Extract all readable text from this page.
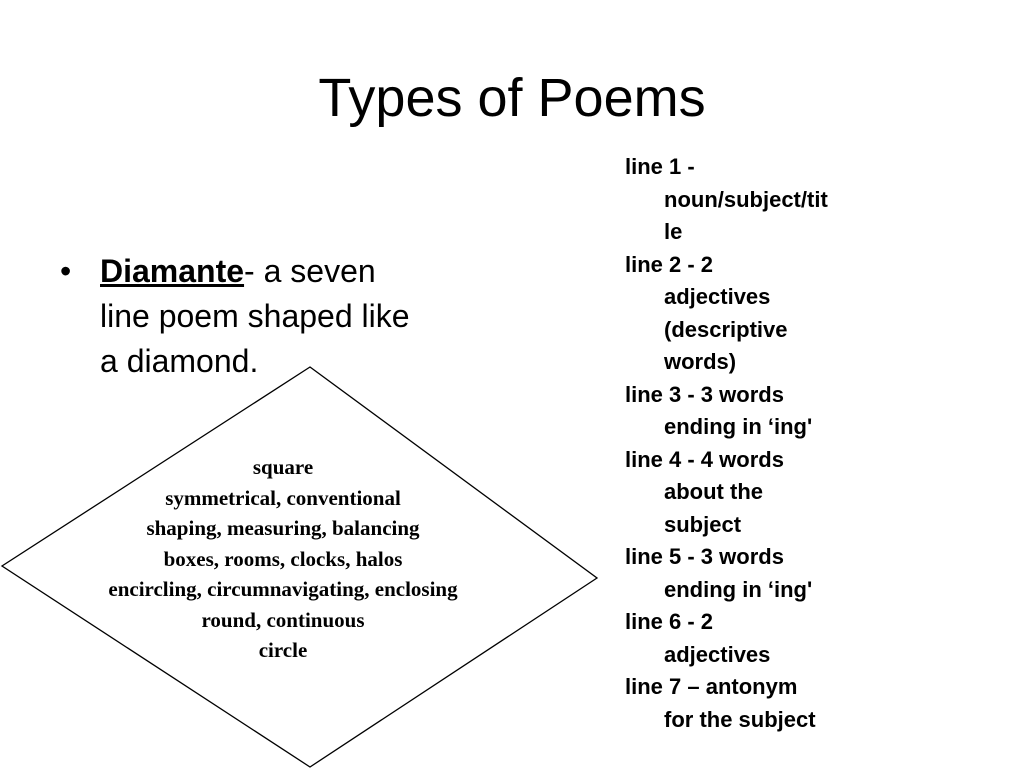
Types of Poems
• Diamante- a seven
line poem shaped like
a diamond.
square
symmetrical, conventional
shaping, measuring, balancing
boxes, rooms, clocks, halos
encircling, circumnavigating, enclosing
round, continuous
circle
line 1 -
noun/subject/tit
le
line 2 - 2
adjectives
(descriptive
words)
line 3 - 3 words
ending in ‘ing'
line 4 - 4 words
about the
subject
line 5 - 3 words
ending in ‘ing'
line 6 - 2
adjectives
line 7 – antonym
for the subject
